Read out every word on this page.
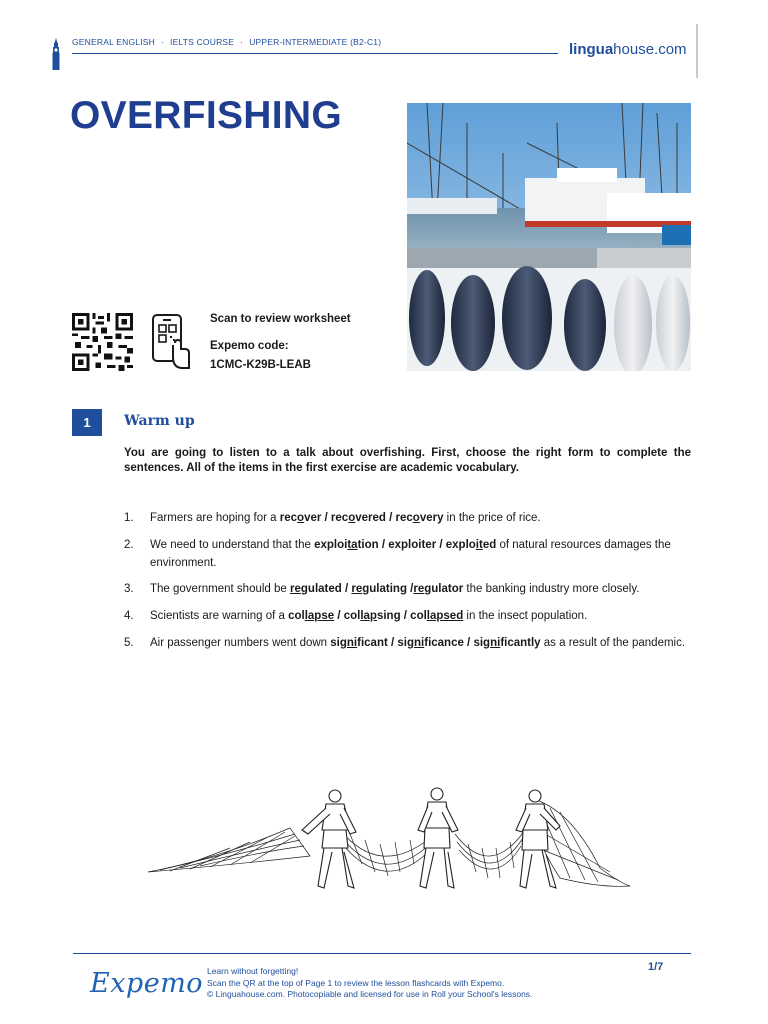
GENERAL ENGLISH · IELTS COURSE · UPPER-INTERMEDIATE (B2-C1)	linguahouse.com
OVERFISHING
Scan to review worksheet
Expemo code:
1CMC-K29B-LEAB
1	Warm up

You are going to listen to a talk about overfishing. First, choose the right form to complete the sentences. All of the items in the first exercise are academic vocabulary.

1.	Farmers are hoping for a recover / recovered / recovery in the price of rice.
2.	We need to understand that the exploitation / exploiter / exploited of natural resources damages the environment.
3.	The government should be regulated / regulating /regulator the banking industry more closely.
4.	Scientists are warning of a collapse / collapsing / collapsed in the insect population.
5.	Air passenger numbers went down significant / significance / significantly as a result of the pandemic.
Expemo Learn without forgetting!
Scan the QR at the top of Page 1 to review the lesson flashcards with Expemo.
© Linguahouse.com. Photocopiable and licensed for use in Roll your School's lessons.
1/7
